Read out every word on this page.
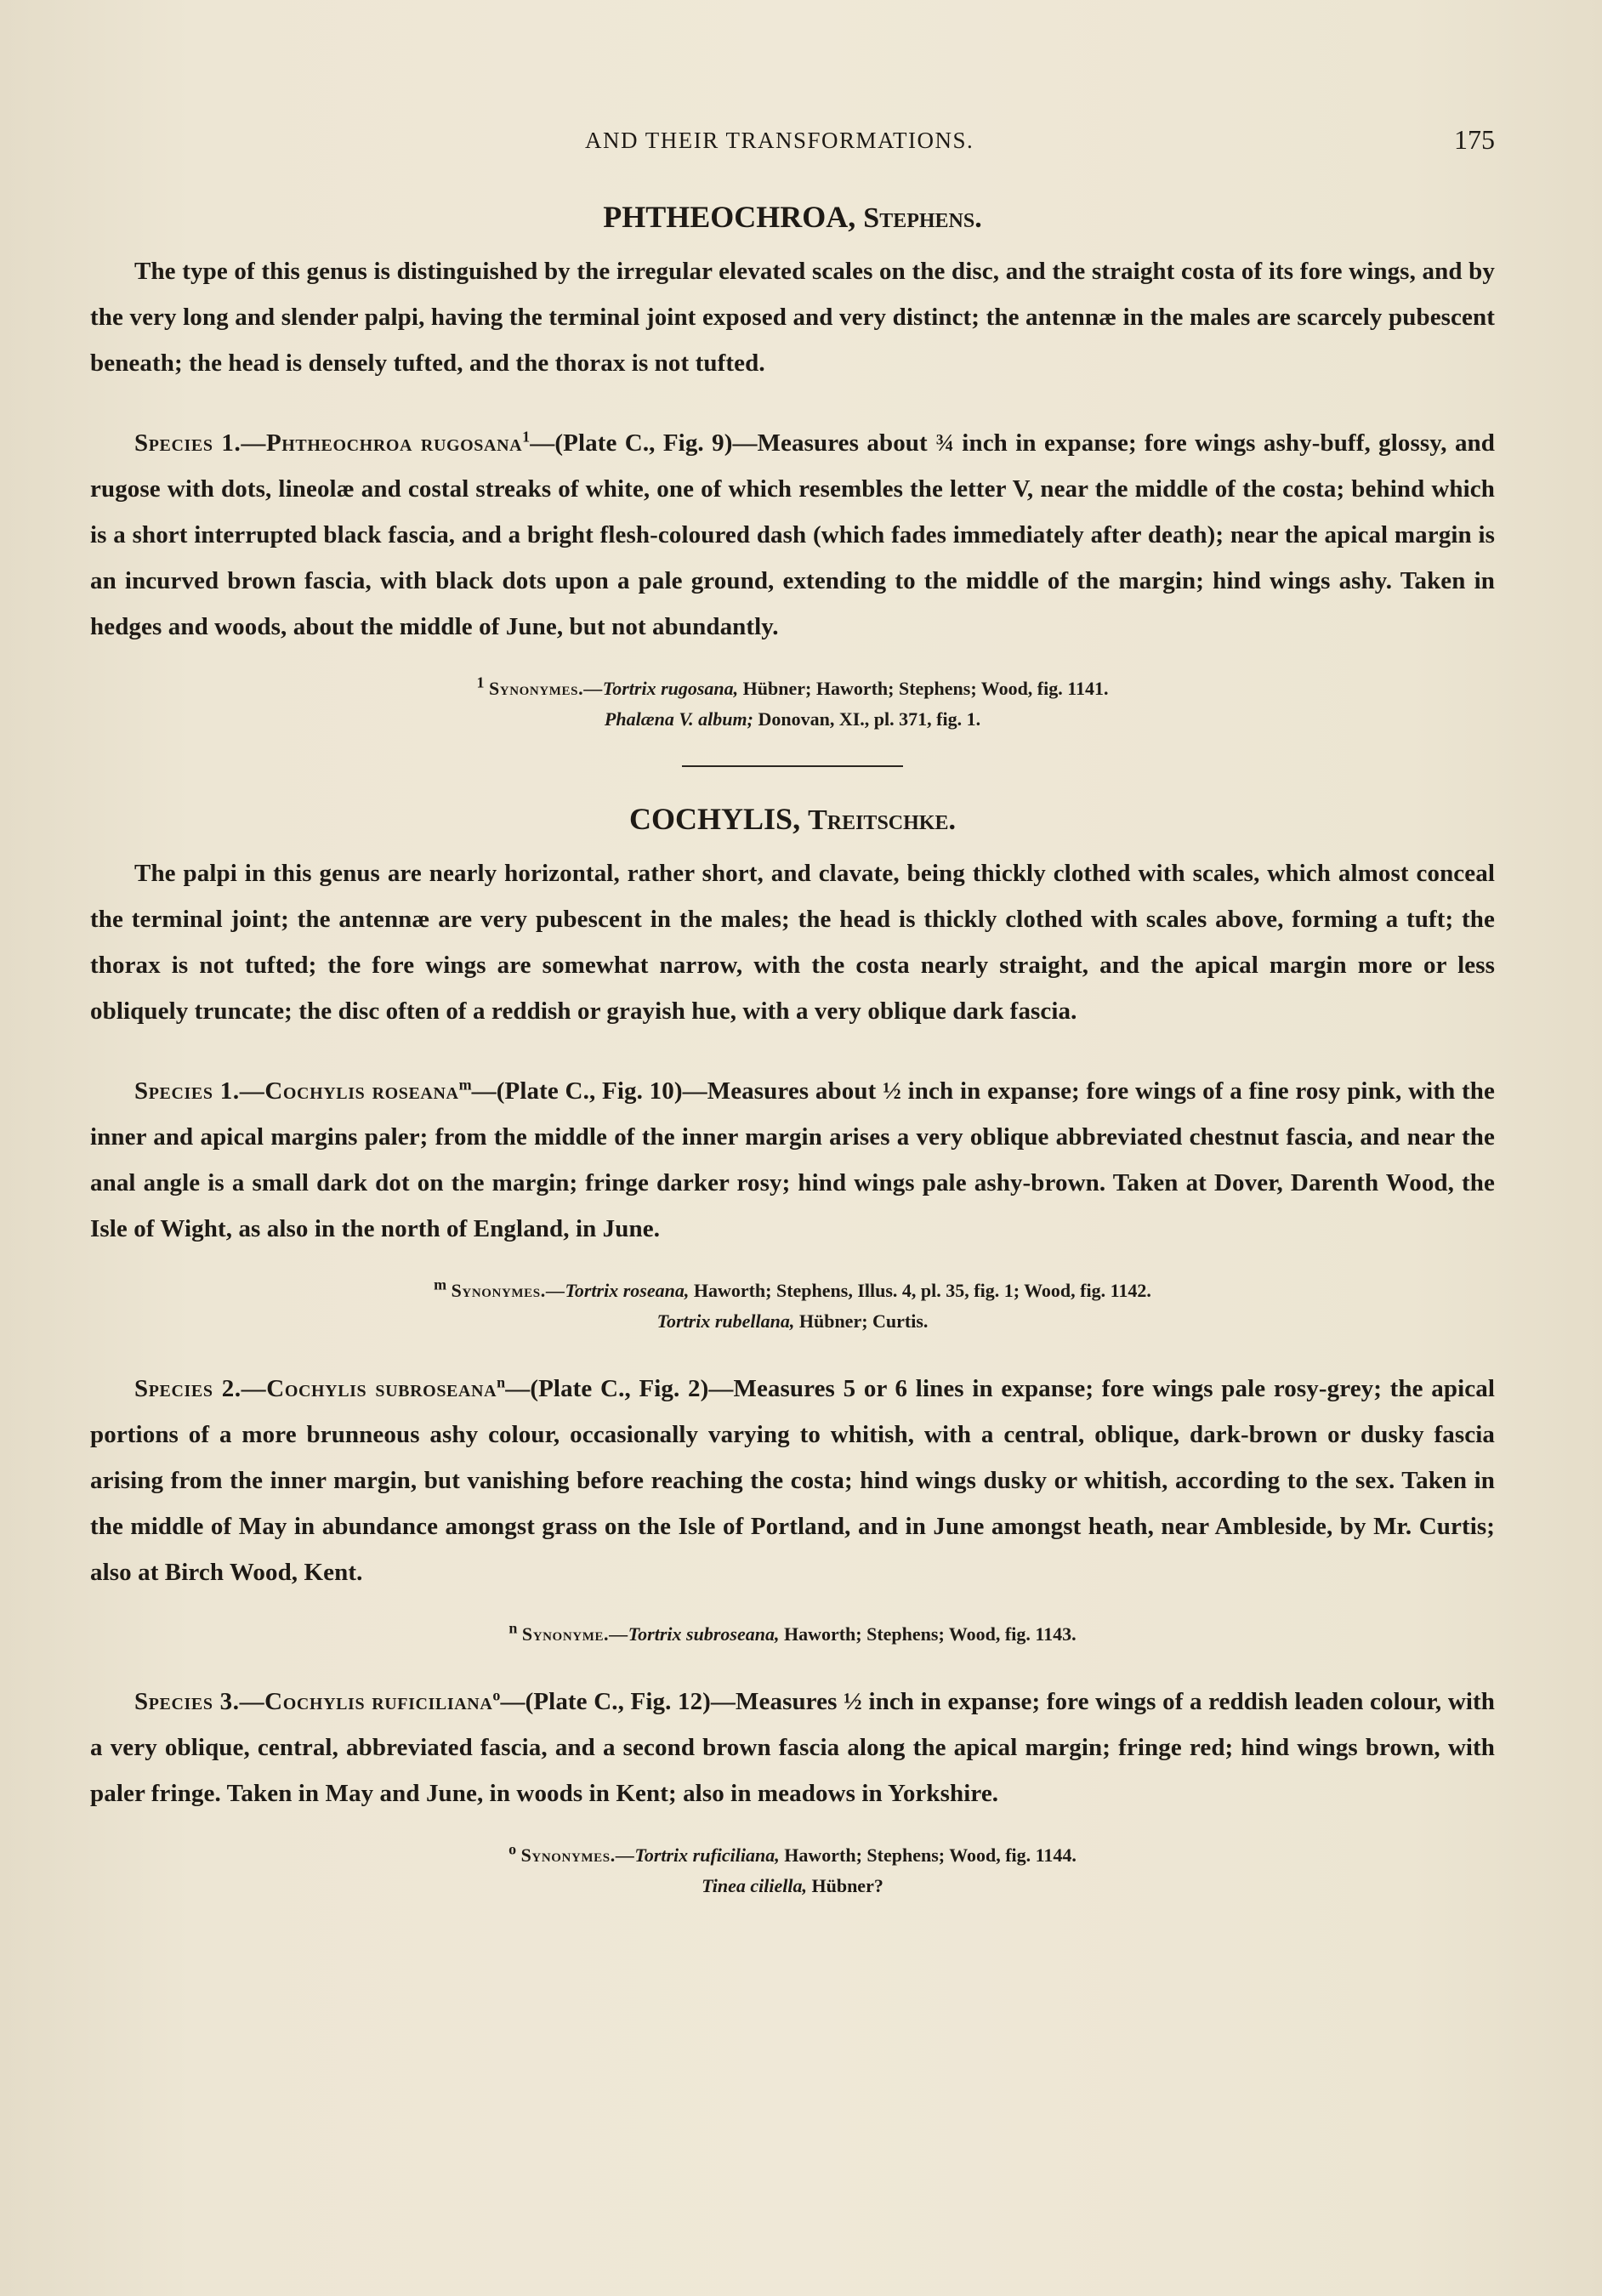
AND THEIR TRANSFORMATIONS.	175
PHTHEOCHROA, Stephens.

The type of this genus is distinguished by the irregular elevated scales on the disc, and the straight costa of its fore wings, and by the very long and slender palpi, having the terminal joint exposed and very distinct; the antennæ in the males are scarcely pubescent beneath; the head is densely tufted, and the thorax is not tufted.

Species 1.—Phtheochroa rugosana$^1$—(Plate C., Fig. 9)—Measures about ¾ inch in expanse; fore wings ashy-buff, glossy, and rugose with dots, lineolæ and costal streaks of white, one of which resembles the letter V, near the middle of the costa; behind which is a short interrupted black fascia, and a bright flesh-coloured dash (which fades immediately after death); near the apical margin is an incurved brown fascia, with black dots upon a pale ground, extending to the middle of the margin; hind wings ashy. Taken in hedges and woods, about the middle of June, but not abundantly.

$^1$ Synonymes.—Tortrix rugosana, Hübner; Haworth; Stephens; Wood, fig. 1141.

Phalæna V. album; Donovan, XI., pl. 371, fig. 1.

COCHYLIS, Treitschke.

The palpi in this genus are nearly horizontal, rather short, and clavate, being thickly clothed with scales, which almost conceal the terminal joint; the antennæ are very pubescent in the males; the head is thickly clothed with scales above, forming a tuft; the thorax is not tufted; the fore wings are somewhat narrow, with the costa nearly straight, and the apical margin more or less obliquely truncate; the disc often of a reddish or grayish hue, with a very oblique dark fascia.

Species 1.—Cochylis roseana$^m$—(Plate C., Fig. 10)—Measures about ½ inch in expanse; fore wings of a fine rosy pink, with the inner and apical margins paler; from the middle of the inner margin arises a very oblique abbreviated chestnut fascia, and near the anal angle is a small dark dot on the margin; fringe darker rosy; hind wings pale ashy-brown. Taken at Dover, Darenth Wood, the Isle of Wight, as also in the north of England, in June.

$^m$ Synonymes.—Tortrix roseana, Haworth; Stephens, Illus. 4, pl. 35, fig. 1; Wood, fig. 1142.

Tortrix rubellana, Hübner; Curtis.

Species 2.—Cochylis subroseana$^n$—(Plate C., Fig. 2)—Measures 5 or 6 lines in expanse; fore wings pale rosy-grey; the apical portions of a more brunneous ashy colour, occasionally varying to whitish, with a central, oblique, dark-brown or dusky fascia arising from the inner margin, but vanishing before reaching the costa; hind wings dusky or whitish, according to the sex. Taken in the middle of May in abundance amongst grass on the Isle of Portland, and in June amongst heath, near Ambleside, by Mr. Curtis; also at Birch Wood, Kent.

$^n$ Synonyme.—Tortrix subroseana, Haworth; Stephens; Wood, fig. 1143.

Species 3.—Cochylis ruficiliana$^o$—(Plate C., Fig. 12)—Measures ½ inch in expanse; fore wings of a reddish leaden colour, with a very oblique, central, abbreviated fascia, and a second brown fascia along the apical margin; fringe red; hind wings brown, with paler fringe. Taken in May and June, in woods in Kent; also in meadows in Yorkshire.

$^o$ Synonymes.—Tortrix ruficiliana, Haworth; Stephens; Wood, fig. 1144.

Tinea ciliella, Hübner?
